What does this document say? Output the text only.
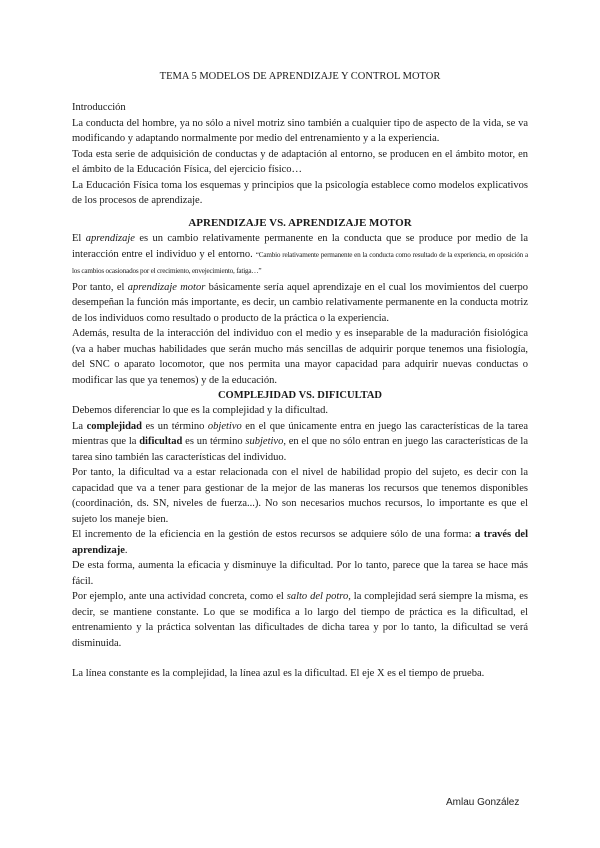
TEMA 5 MODELOS DE APRENDIZAJE Y CONTROL MOTOR

Introducción

La conducta del hombre, ya no sólo a nivel motriz sino también a cualquier tipo de aspecto de la vida, se va modificando y adaptando normalmente por medio del entrenamiento y a la experiencia.

Toda esta serie de adquisición de conductas y de adaptación al entorno, se producen en el ámbito motor, en el ámbito de la Educación Física, del ejercicio físico…

La Educación Física toma los esquemas y principios que la psicología establece como modelos explicativos de los procesos de aprendizaje.

APRENDIZAJE VS. APRENDIZAJE MOTOR

El aprendizaje es un cambio relativamente permanente en la conducta que se produce por medio de la interacción entre el individuo y el entorno. “Cambio relativamente permanente en la conducta como resultado de la experiencia, en oposición a los cambios ocasionados por el crecimiento, envejecimiento, fatiga…”

Por tanto, el aprendizaje motor básicamente sería aquel aprendizaje en el cual los movimientos del cuerpo desempeñan la función más importante, es decir, un cambio relativamente permanente en la conducta motriz de los individuos como resultado o producto de la práctica o la experiencia.

Además, resulta de la interacción del individuo con el medio y es inseparable de la maduración fisiológica (va a haber muchas habilidades que serán mucho más sencillas de adquirir porque tenemos una fisiología, del SNC o aparato locomotor, que nos permita una mayor capacidad para adquirir nuevas conductas o modificar las que ya tenemos) y de la educación.

COMPLEJIDAD VS. DIFICULTAD

Debemos diferenciar lo que es la complejidad y la dificultad.

La complejidad es un término objetivo en el que únicamente entra en juego las características de la tarea mientras que la dificultad es un término subjetivo, en el que no sólo entran en juego las características de la tarea sino también las características del individuo.

Por tanto, la dificultad va a estar relacionada con el nivel de habilidad propio del sujeto, es decir con la capacidad que va a tener para gestionar de la mejor de las maneras los recursos que tenemos disponibles (coordinación, ds. SN, niveles de fuerza...). No son necesarios muchos recursos, lo importante es que el sujeto los maneje bien.

El incremento de la eficiencia en la gestión de estos recursos se adquiere sólo de una forma: a través del aprendizaje.

De esta forma, aumenta la eficacia y disminuye la dificultad. Por lo tanto, parece que la tarea se hace más fácil.

Por ejemplo, ante una actividad concreta, como el salto del potro, la complejidad será siempre la misma, es decir, se mantiene constante. Lo que se modifica a lo largo del tiempo de práctica es la dificultad, el entrenamiento y la práctica solventan las dificultades de dicha tarea y por lo tanto, la dificultad se verá disminuida.

La línea constante es la complejidad, la línea azul es la dificultad. El eje X es el tiempo de prueba.

Amlau González
